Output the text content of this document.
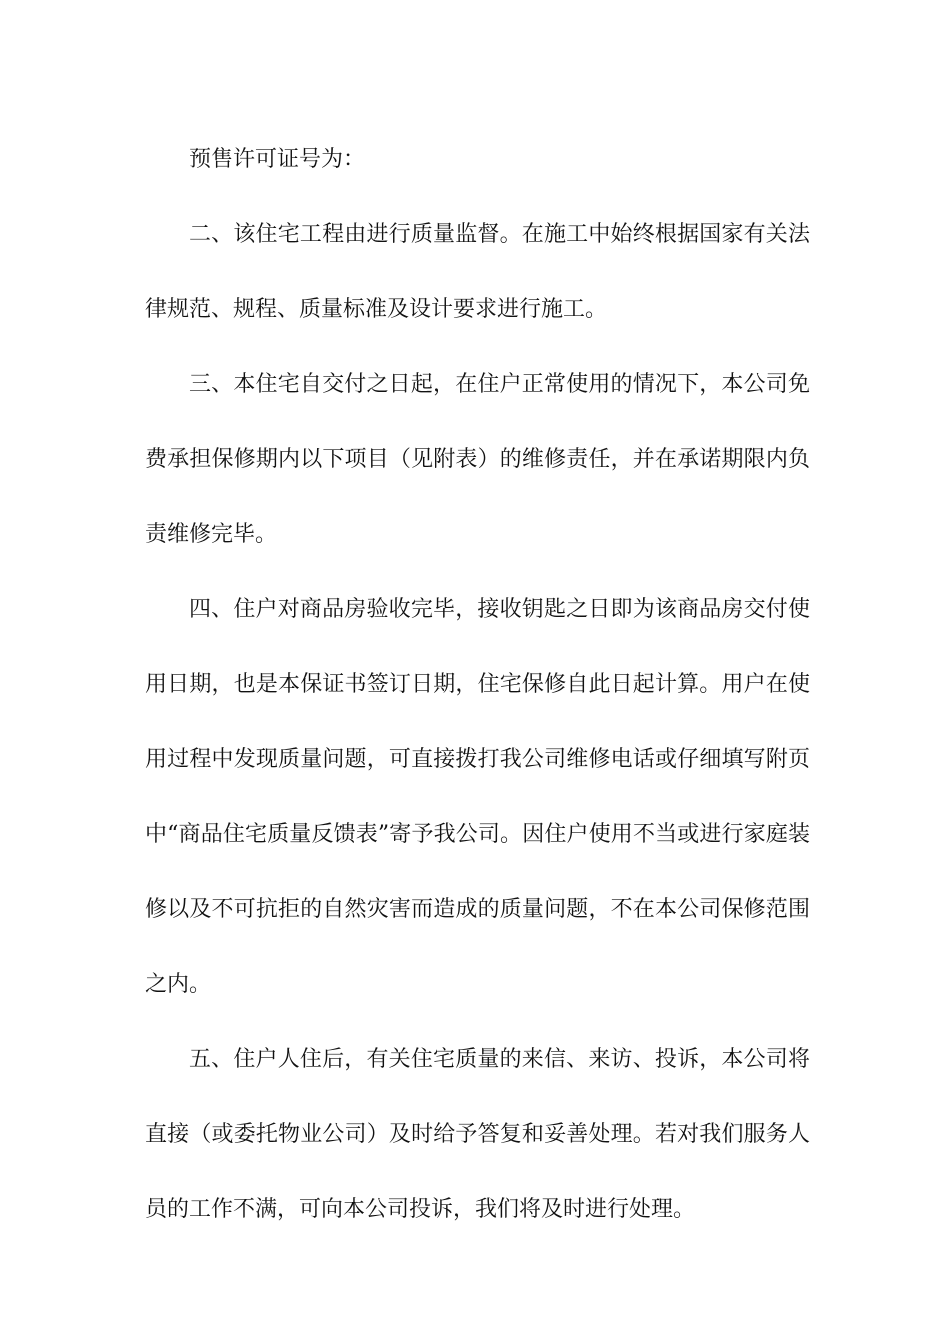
预售许可证号为：

二、该住宅工程由进行质量监督。在施工中始终根据国家有关法律规范、规程、质量标准及设计要求进行施工。

三、本住宅自交付之日起，在住户正常使用的情况下，本公司免费承担保修期内以下项目（见附表）的维修责任，并在承诺期限内负责维修完毕。

四、住户对商品房验收完毕，接收钥匙之日即为该商品房交付使用日期，也是本保证书签订日期，住宅保修自此日起计算。用户在使用过程中发现质量问题，可直接拨打我公司维修电话或仔细填写附页中“商品住宅质量反馈表”寄予我公司。因住户使用不当或进行家庭装修以及不可抗拒的自然灾害而造成的质量问题，不在本公司保修范围之内。

五、住户人住后，有关住宅质量的来信、来访、投诉，本公司将直接（或委托物业公司）及时给予答复和妥善处理。若对我们服务人员的工作不满，可向本公司投诉，我们将及时进行处理。
